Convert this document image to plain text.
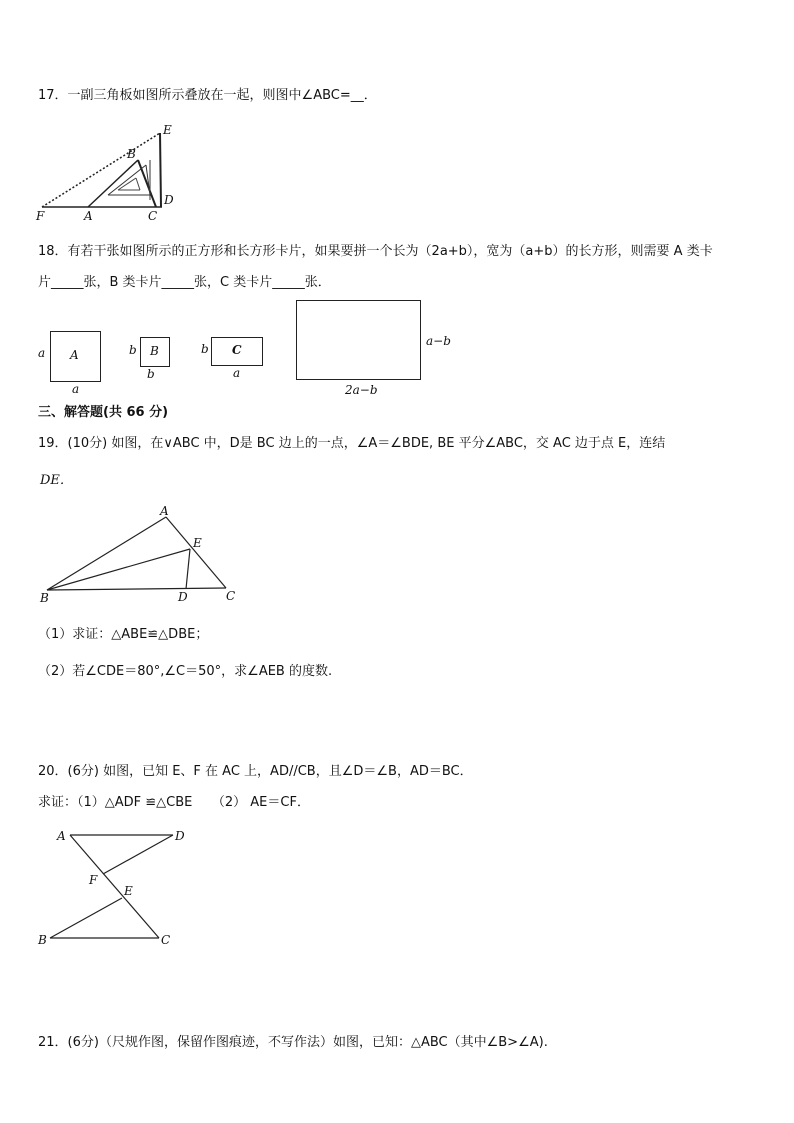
17．一副三角板如图所示叠放在一起，则图中∠ABC=__．
E
B
D
F	A	C
18．有若干张如图所示的正方形和长方形卡片，如果要拼一个长为（2a+b），宽为（a+b）的长方形，则需要 A 类卡
片_____张，B 类卡片_____张，C 类卡片_____张．
A
a
a
B
b
b
C
b
a
a−b
2a−b
三、解答题(共 66 分)
19．(10分) 如图，在∨ABC 中，D是 BC 边上的一点，∠A＝∠BDE, BE 平分∠ABC，交 AC 边于点 E，连结
DE．
A
E
B	D	C
（1）求证：△ABE≌△DBE；
（2）若∠CDE＝80°,∠C＝50°，求∠AEB 的度数.
20．(6分) 如图，已知 E、F 在 AC 上，AD//CB，且∠D＝∠B，AD＝BC．
求证：（1）△ADF ≌△CBE　　（2） AE＝CF．
A	D
F
E
B	C
21．(6分)（尺规作图，保留作图痕迹，不写作法）如图，已知：△ABC（其中∠B>∠A).
